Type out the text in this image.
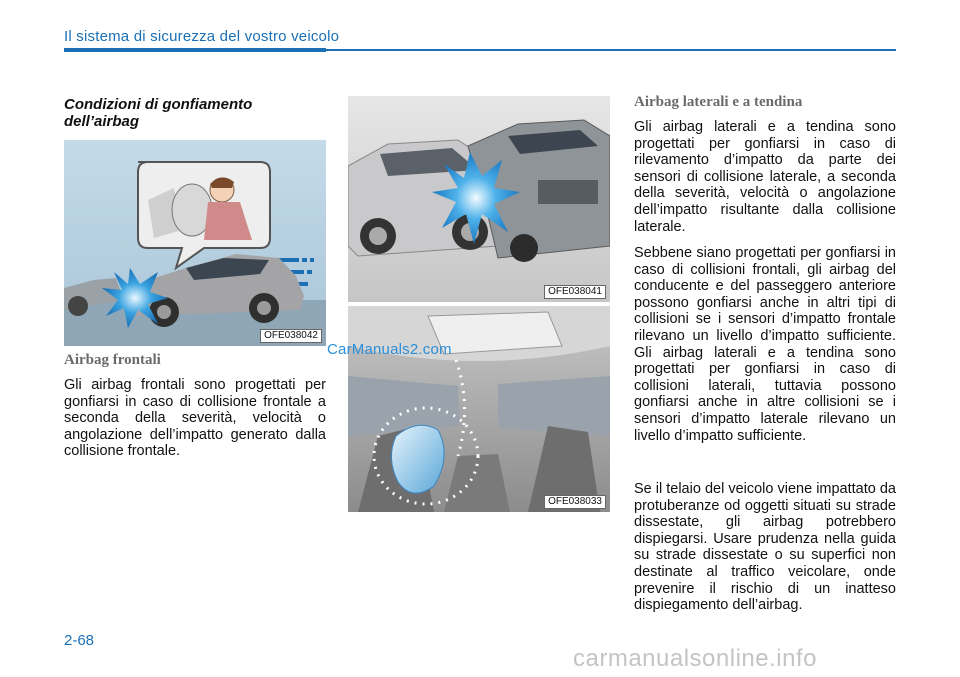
Il sistema di sicurezza del vostro veicolo
Condizioni di gonfiamento
dell’airbag
OFE038042
Airbag frontali

Gli airbag frontali sono progettati per gonfiarsi in caso di collisione frontale a seconda della severità, velocità o angolazione dell’impatto generato dalla collisione frontale.

OFE038041
OFE038033
CarManuals2.com
Airbag laterali e a tendina

Gli airbag laterali e a tendina sono progettati per gonfiarsi in caso di rilevamento d’impatto da parte dei sensori di collisione laterale, a seconda della severità, velocità o angolazione dell’impatto risultante dalla collisione laterale.

Sebbene siano progettati per gonfiarsi in caso di collisioni frontali, gli airbag del conducente e del passeggero anteriore possono gonfiarsi anche in altri tipi di collisioni se i sensori d’impatto frontale rilevano un livello d’impatto sufficiente. Gli airbag laterali e a tendina sono progettati per gonfiarsi in caso di collisioni laterali, tuttavia possono gonfiarsi anche in altre collisioni se i sensori d’impatto laterale rilevano un livello d’impatto sufficiente.

Se il telaio del veicolo viene impattato da protuberanze od oggetti situati su strade dissestate, gli airbag potrebbero dispiegarsi. Usare prudenza nella guida su strade dissestate o su superfici non destinate al traffico veicolare, onde prevenire il rischio di un inatteso dispiegamento dell’airbag.

2-68
carmanualsonline.info
